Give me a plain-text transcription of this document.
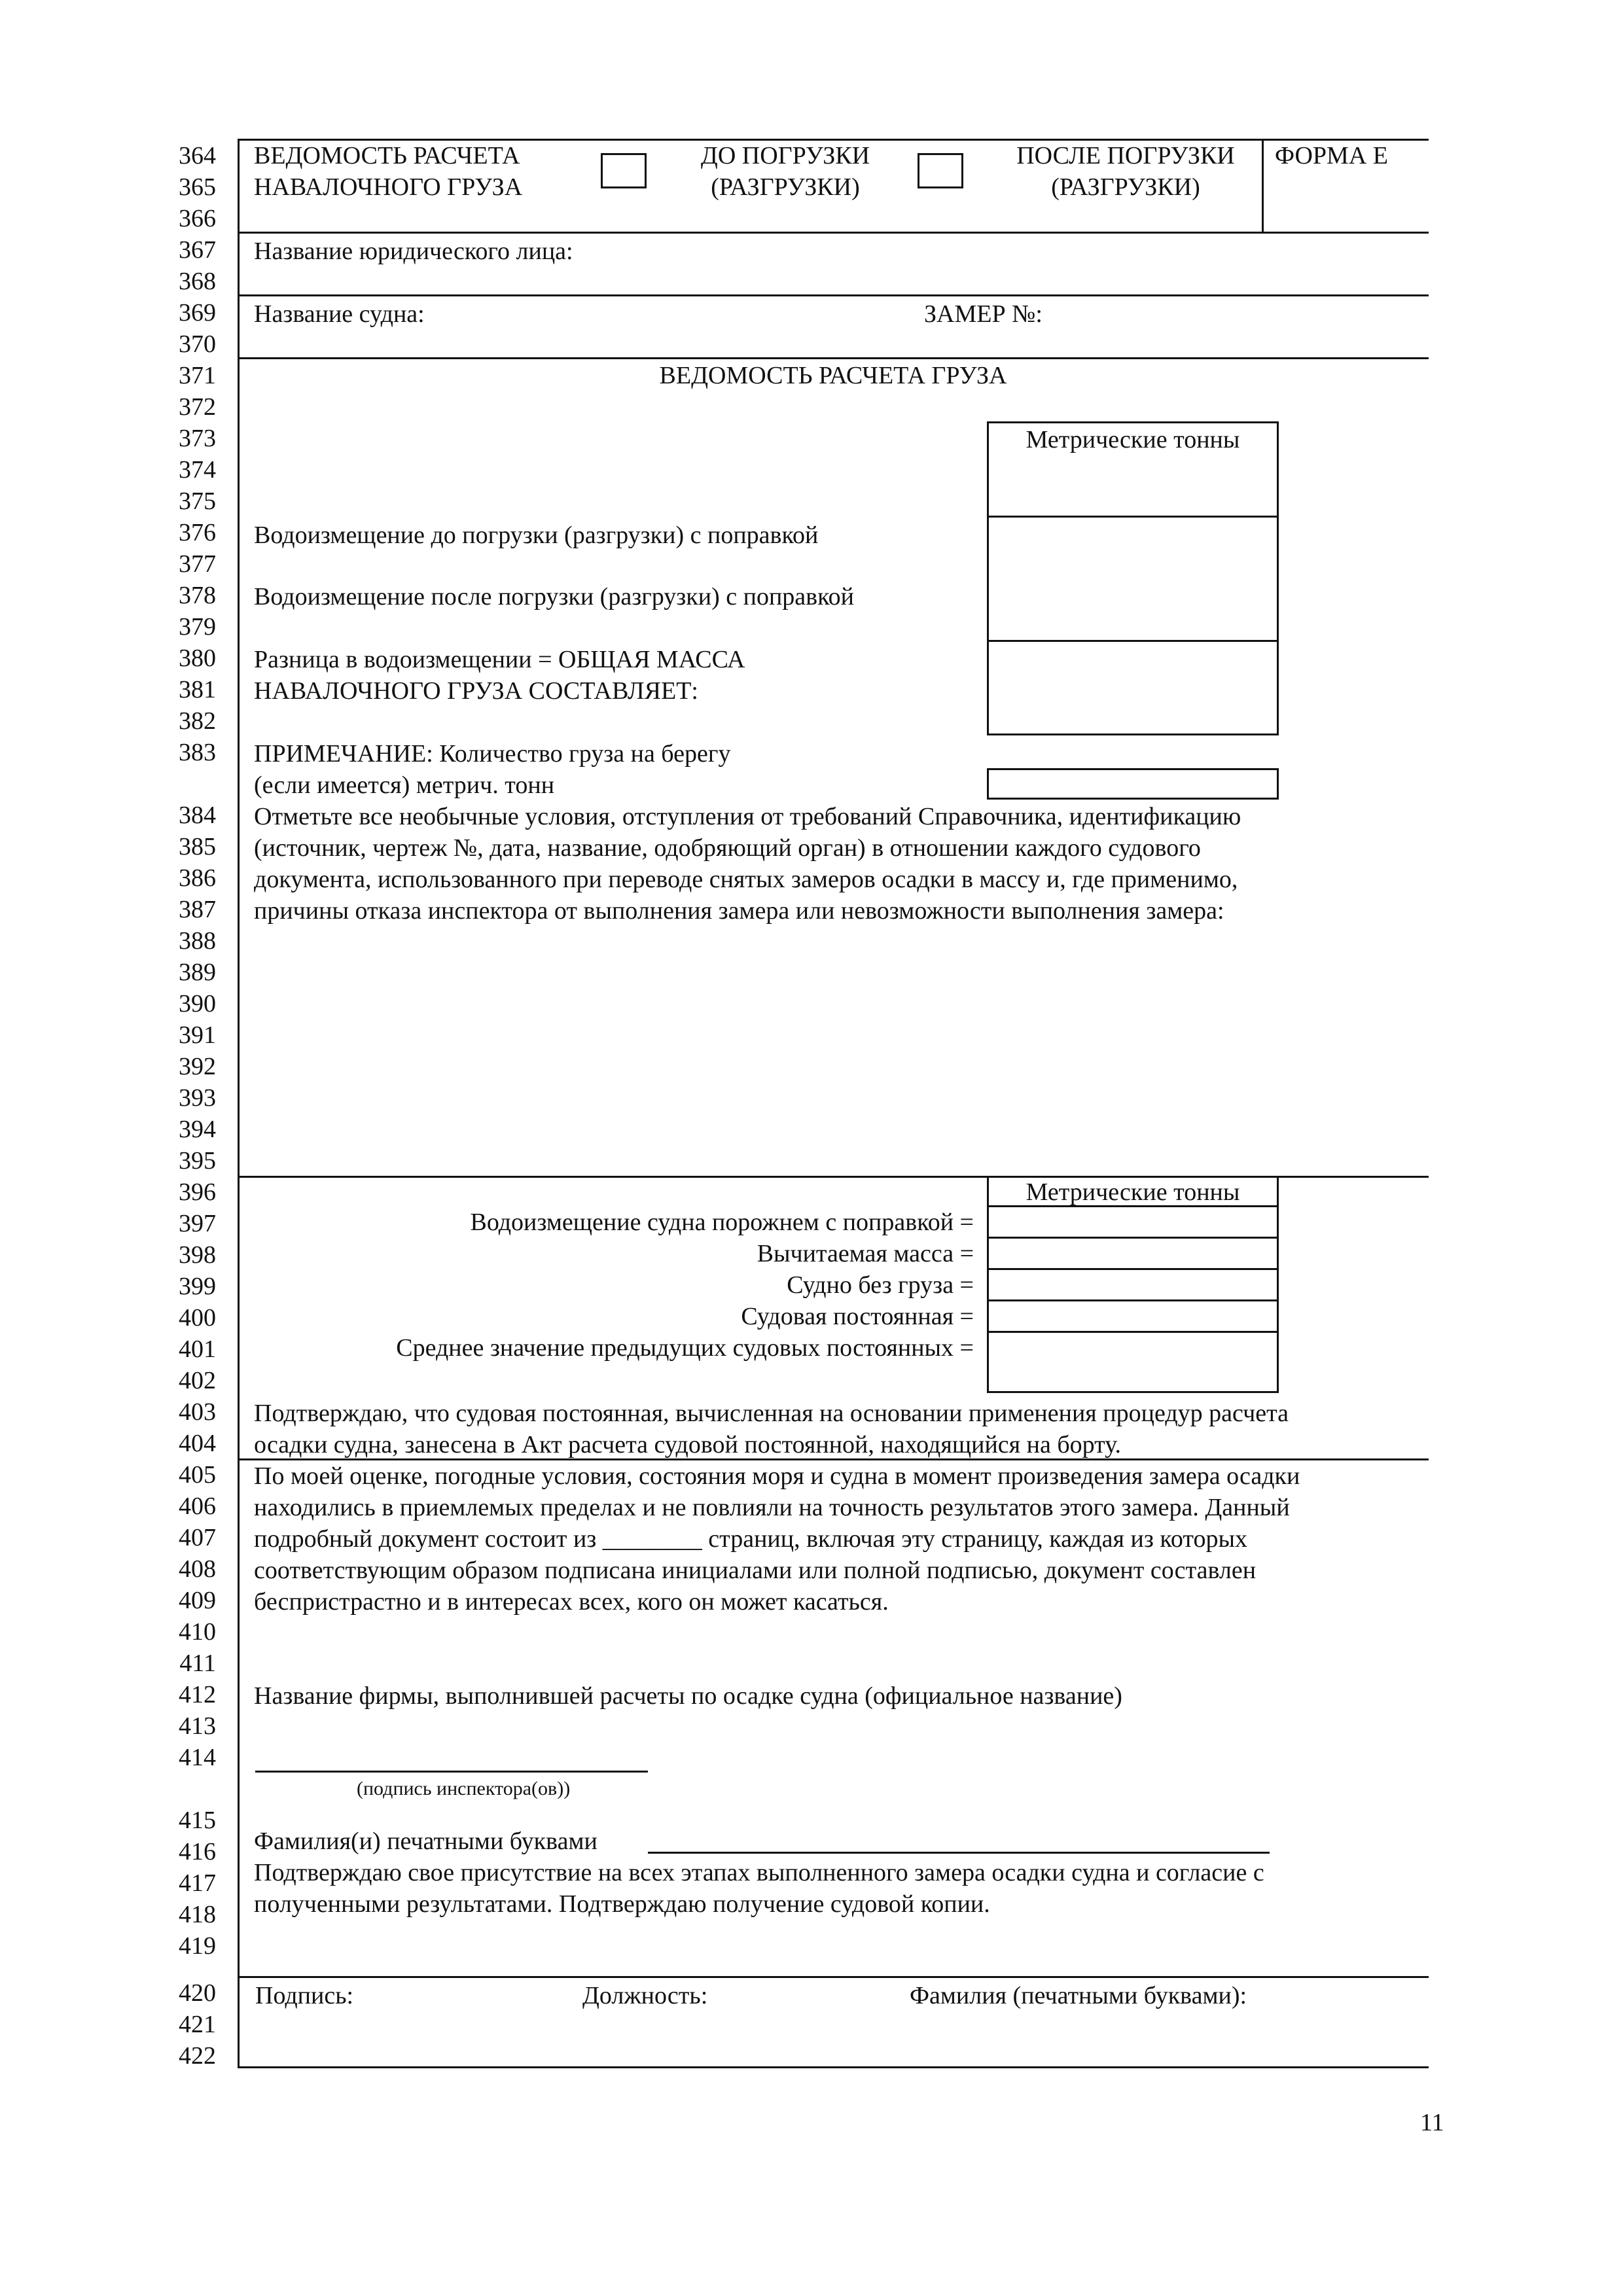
364
365
366
367
368
369
370
371
372
373
374
375
376
377
378
379
380
381
382
383
384
385
386
387
388
389
390
391
392
393
394
395
396
397
398
399
400
401
402
403
404
405
406
407
408
409
410
411
412
413
414
415
416
417
418
419
420
421
422
ВЕДОМОСТЬ РАСЧЕТА
НАВАЛОЧНОГО ГРУЗА
ДО ПОГРУЗКИ
(РАЗГРУЗКИ)
ПОСЛЕ ПОГРУЗКИ
(РАЗГРУЗКИ)
ФОРМА Е
Название юридического лица:
Название судна:	ЗАМЕР №:
ВЕДОМОСТЬ РАСЧЕТА ГРУЗА
Метрические тонны
Водоизмещение до погрузки (разгрузки) с поправкой
Водоизмещение после погрузки (разгрузки) с поправкой
Разница в водоизмещении = ОБЩАЯ МАССА
НАВАЛОЧНОГО ГРУЗА СОСТАВЛЯЕТ:
ПРИМЕЧАНИЕ: Количество груза на берегу
(если имеется) метрич. тонн
Отметьте все необычные условия, отступления от требований Справочника, идентификацию
(источник, чертеж №, дата, название, одобряющий орган) в отношении каждого судового
документа, использованного при переводе снятых замеров осадки в массу и, где применимо,
причины отказа инспектора от выполнения замера или невозможности выполнения замера:
Метрические тонны
Водоизмещение судна порожнем с поправкой =
Вычитаемая масса =
Судно без груза =
Судовая постоянная =
Среднее значение предыдущих судовых постоянных =
Подтверждаю, что судовая постоянная, вычисленная на основании применения процедур расчета
осадки судна, занесена в Акт расчета судовой постоянной, находящийся на борту.
По моей оценке, погодные условия, состояния моря и судна в момент произведения замера осадки
находились в приемлемых пределах и не повлияли на точность результатов этого замера. Данный
подробный документ состоит из ________ страниц, включая эту страницу, каждая из которых
соответствующим образом подписана инициалами или полной подписью, документ составлен
беспристрастно и в интересах всех, кого он может касаться.
Название фирмы, выполнившей расчеты по осадке судна (официальное название)
(подпись инспектора(ов))
Фамилия(и) печатными буквами
Подтверждаю свое присутствие на всех этапах выполненного замера осадки судна и согласие с
полученными результатами. Подтверждаю получение судовой копии.
Подпись:	Должность:	Фамилия (печатными буквами):
11
